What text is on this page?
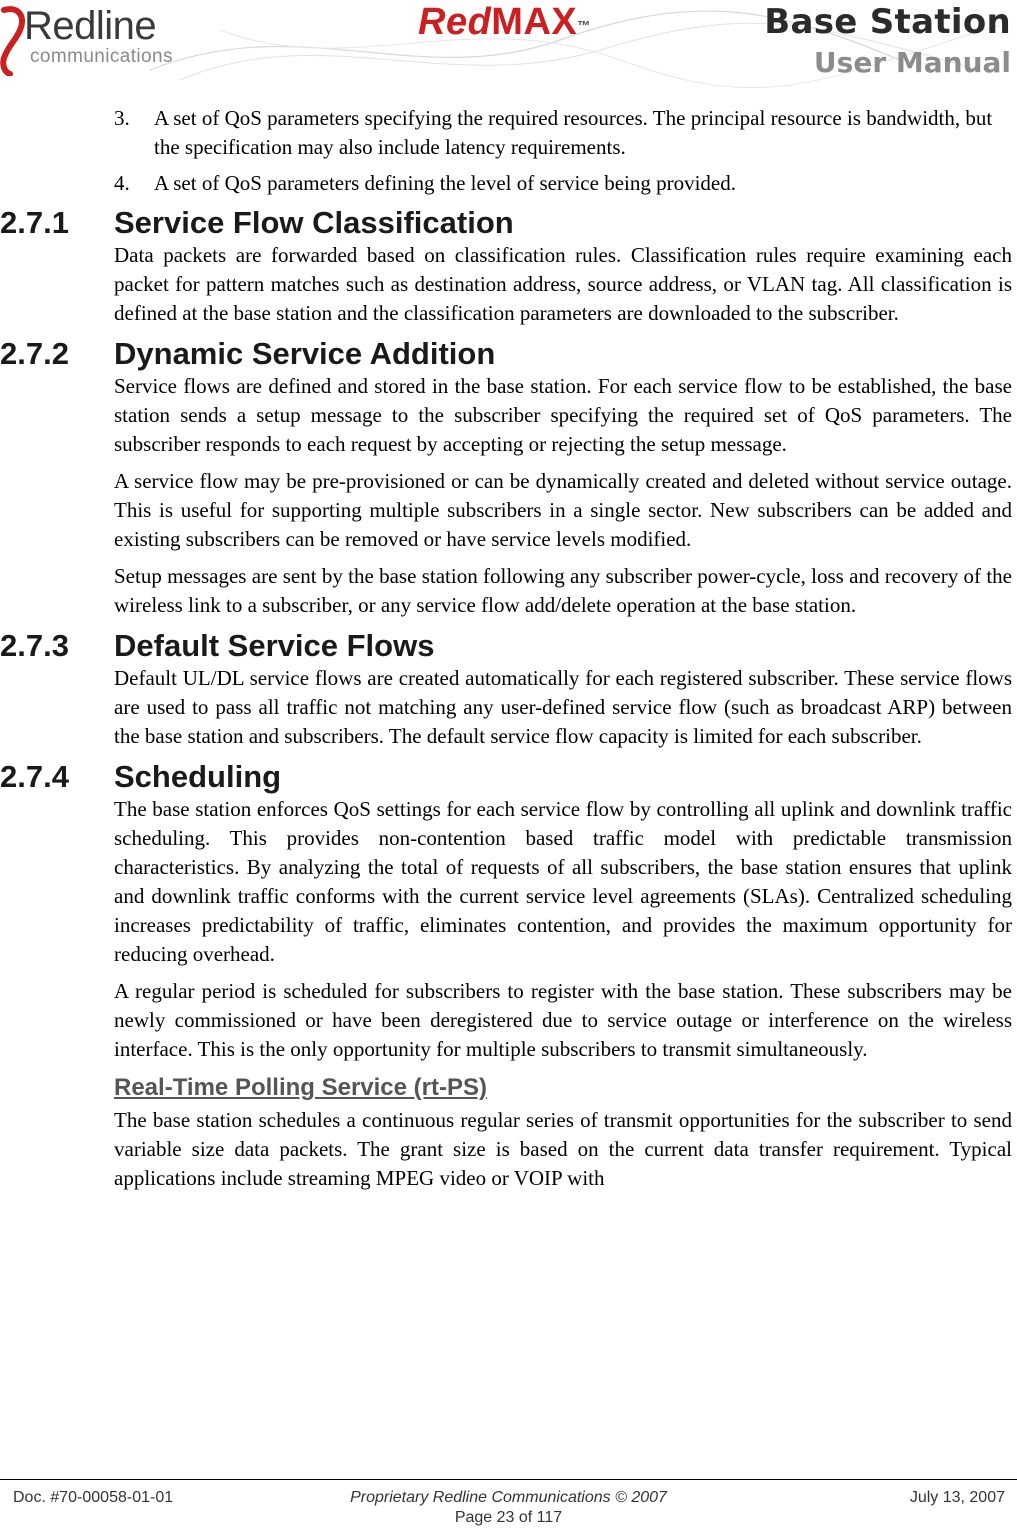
Redline
communications
RedMAX™	Base Station
User Manual
3. A set of QoS parameters specifying the required resources. The principal resource is bandwidth, but the specification may also include latency requirements.
4. A set of QoS parameters defining the level of service being provided.
2.7.1 Service Flow Classification

Data packets are forwarded based on classification rules. Classification rules require examining each packet for pattern matches such as destination address, source address, or VLAN tag. All classification is defined at the base station and the classification parameters are downloaded to the subscriber.

2.7.2 Dynamic Service Addition

Service flows are defined and stored in the base station. For each service flow to be established, the base station sends a setup message to the subscriber specifying the required set of QoS parameters. The subscriber responds to each request by accepting or rejecting the setup message.

A service flow may be pre-provisioned or can be dynamically created and deleted without service outage. This is useful for supporting multiple subscribers in a single sector. New subscribers can be added and existing subscribers can be removed or have service levels modified.

Setup messages are sent by the base station following any subscriber power-cycle, loss and recovery of the wireless link to a subscriber, or any service flow add/delete operation at the base station.

2.7.3 Default Service Flows

Default UL/DL service flows are created automatically for each registered subscriber. These service flows are used to pass all traffic not matching any user-defined service flow (such as broadcast ARP) between the base station and subscribers. The default service flow capacity is limited for each subscriber.

2.7.4 Scheduling

The base station enforces QoS settings for each service flow by controlling all uplink and downlink traffic scheduling. This provides non-contention based traffic model with predictable transmission characteristics. By analyzing the total of requests of all subscribers, the base station ensures that uplink and downlink traffic conforms with the current service level agreements (SLAs). Centralized scheduling increases predictability of traffic, eliminates contention, and provides the maximum opportunity for reducing overhead.

A regular period is scheduled for subscribers to register with the base station. These subscribers may be newly commissioned or have been deregistered due to service outage or interference on the wireless interface. This is the only opportunity for multiple subscribers to transmit simultaneously.

Real-Time Polling Service (rt-PS)

The base station schedules a continuous regular series of transmit opportunities for the subscriber to send variable size data packets. The grant size is based on the current data transfer requirement. Typical applications include streaming MPEG video or VOIP with

Doc. #70-00058-01-01	Proprietary Redline Communications © 2007	July 13, 2007
Page 23 of 117
